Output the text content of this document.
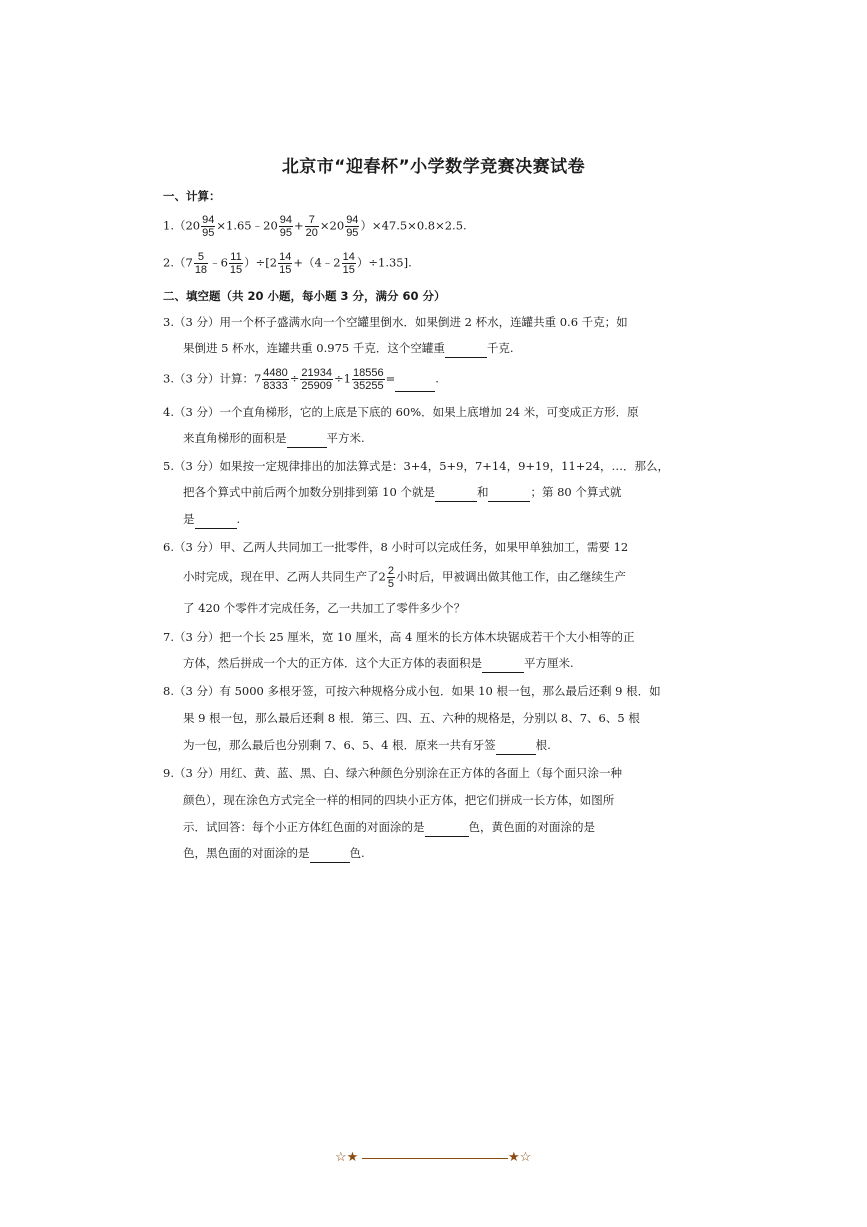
北京市“迎春杯”小学数学竞赛决赛试卷
一、计算：
$1.(20 \frac{94}{95}$ ×1.65﹣20 $\frac{94}{95} + \frac{7}{20} \times 20 \frac{94}{95} )\times 47.5\times 0.8\times 2.5$.
$2.(7 \frac{5}{18}$ ﹣6 $\frac{11}{15} )\div[2 \frac{14}{15}$ +（4﹣2 $\frac{14}{15} )\div 1.35$].
二、填空题（共 20 小题，每小题 3 分，满分 60 分）
3.（3 分）用一个杯子盛满水向一个空罐里倒水．如果倒进 2 杯水，连罐共重 0.6 千克；如
果倒进 5 杯水，连罐共重 0.975 千克．这个空罐重	千克.
3.（3 分）计算：$7 \frac{4480}{8333} \div \frac{21934}{25909} \div 1 \frac{18556}{35255}$ =	.
4.（3 分）一个直角梯形，它的上底是下底的 60%．如果上底增加 24 米，可变成正方形．原
来直角梯形的面积是	平方米.
5.（3 分）如果按一定规律排出的加法算式是：3+4，5+9，7+14，9+19，11+24，…．那么，
把各个算式中前后两个加数分别排到第 10 个就是	和	；第 80 个算式就
是	.
6.（3 分）甲、乙两人共同加工一批零件，8 小时可以完成任务，如果甲单独加工，需要 12
小时完成，现在甲、乙两人共同生产了$2 \frac{2}{5}$ 小时后，甲被调出做其他工作，由乙继续生产
了 420 个零件才完成任务，乙一共加工了零件多少个？
7.（3 分）把一个长 25 厘米，宽 10 厘米，高 4 厘米的长方体木块锯成若干个大小相等的正
方体，然后拼成一个大的正方体．这个大正方体的表面积是	平方厘米.
8.（3 分）有 5000 多根牙签，可按六种规格分成小包．如果 10 根一包，那么最后还剩 9 根．如
果 9 根一包，那么最后还剩 8 根．第三、四、五、六种的规格是，分别以 8、7、6、5 根
为一包，那么最后也分别剩 7、6、5、4 根．原来一共有牙签	根.
9.（3 分）用红、黄、蓝、黑、白、绿六种颜色分别涂在正方体的各面上（每个面只涂一种
颜色），现在涂色方式完全一样的相同的四块小正方体，把它们拼成一长方体，如图所
示．试回答：每个小正方体红色面的对面涂的是	色，黄色面的对面涂的是
色，黑色面的对面涂的是	色.
☆★	★☆
